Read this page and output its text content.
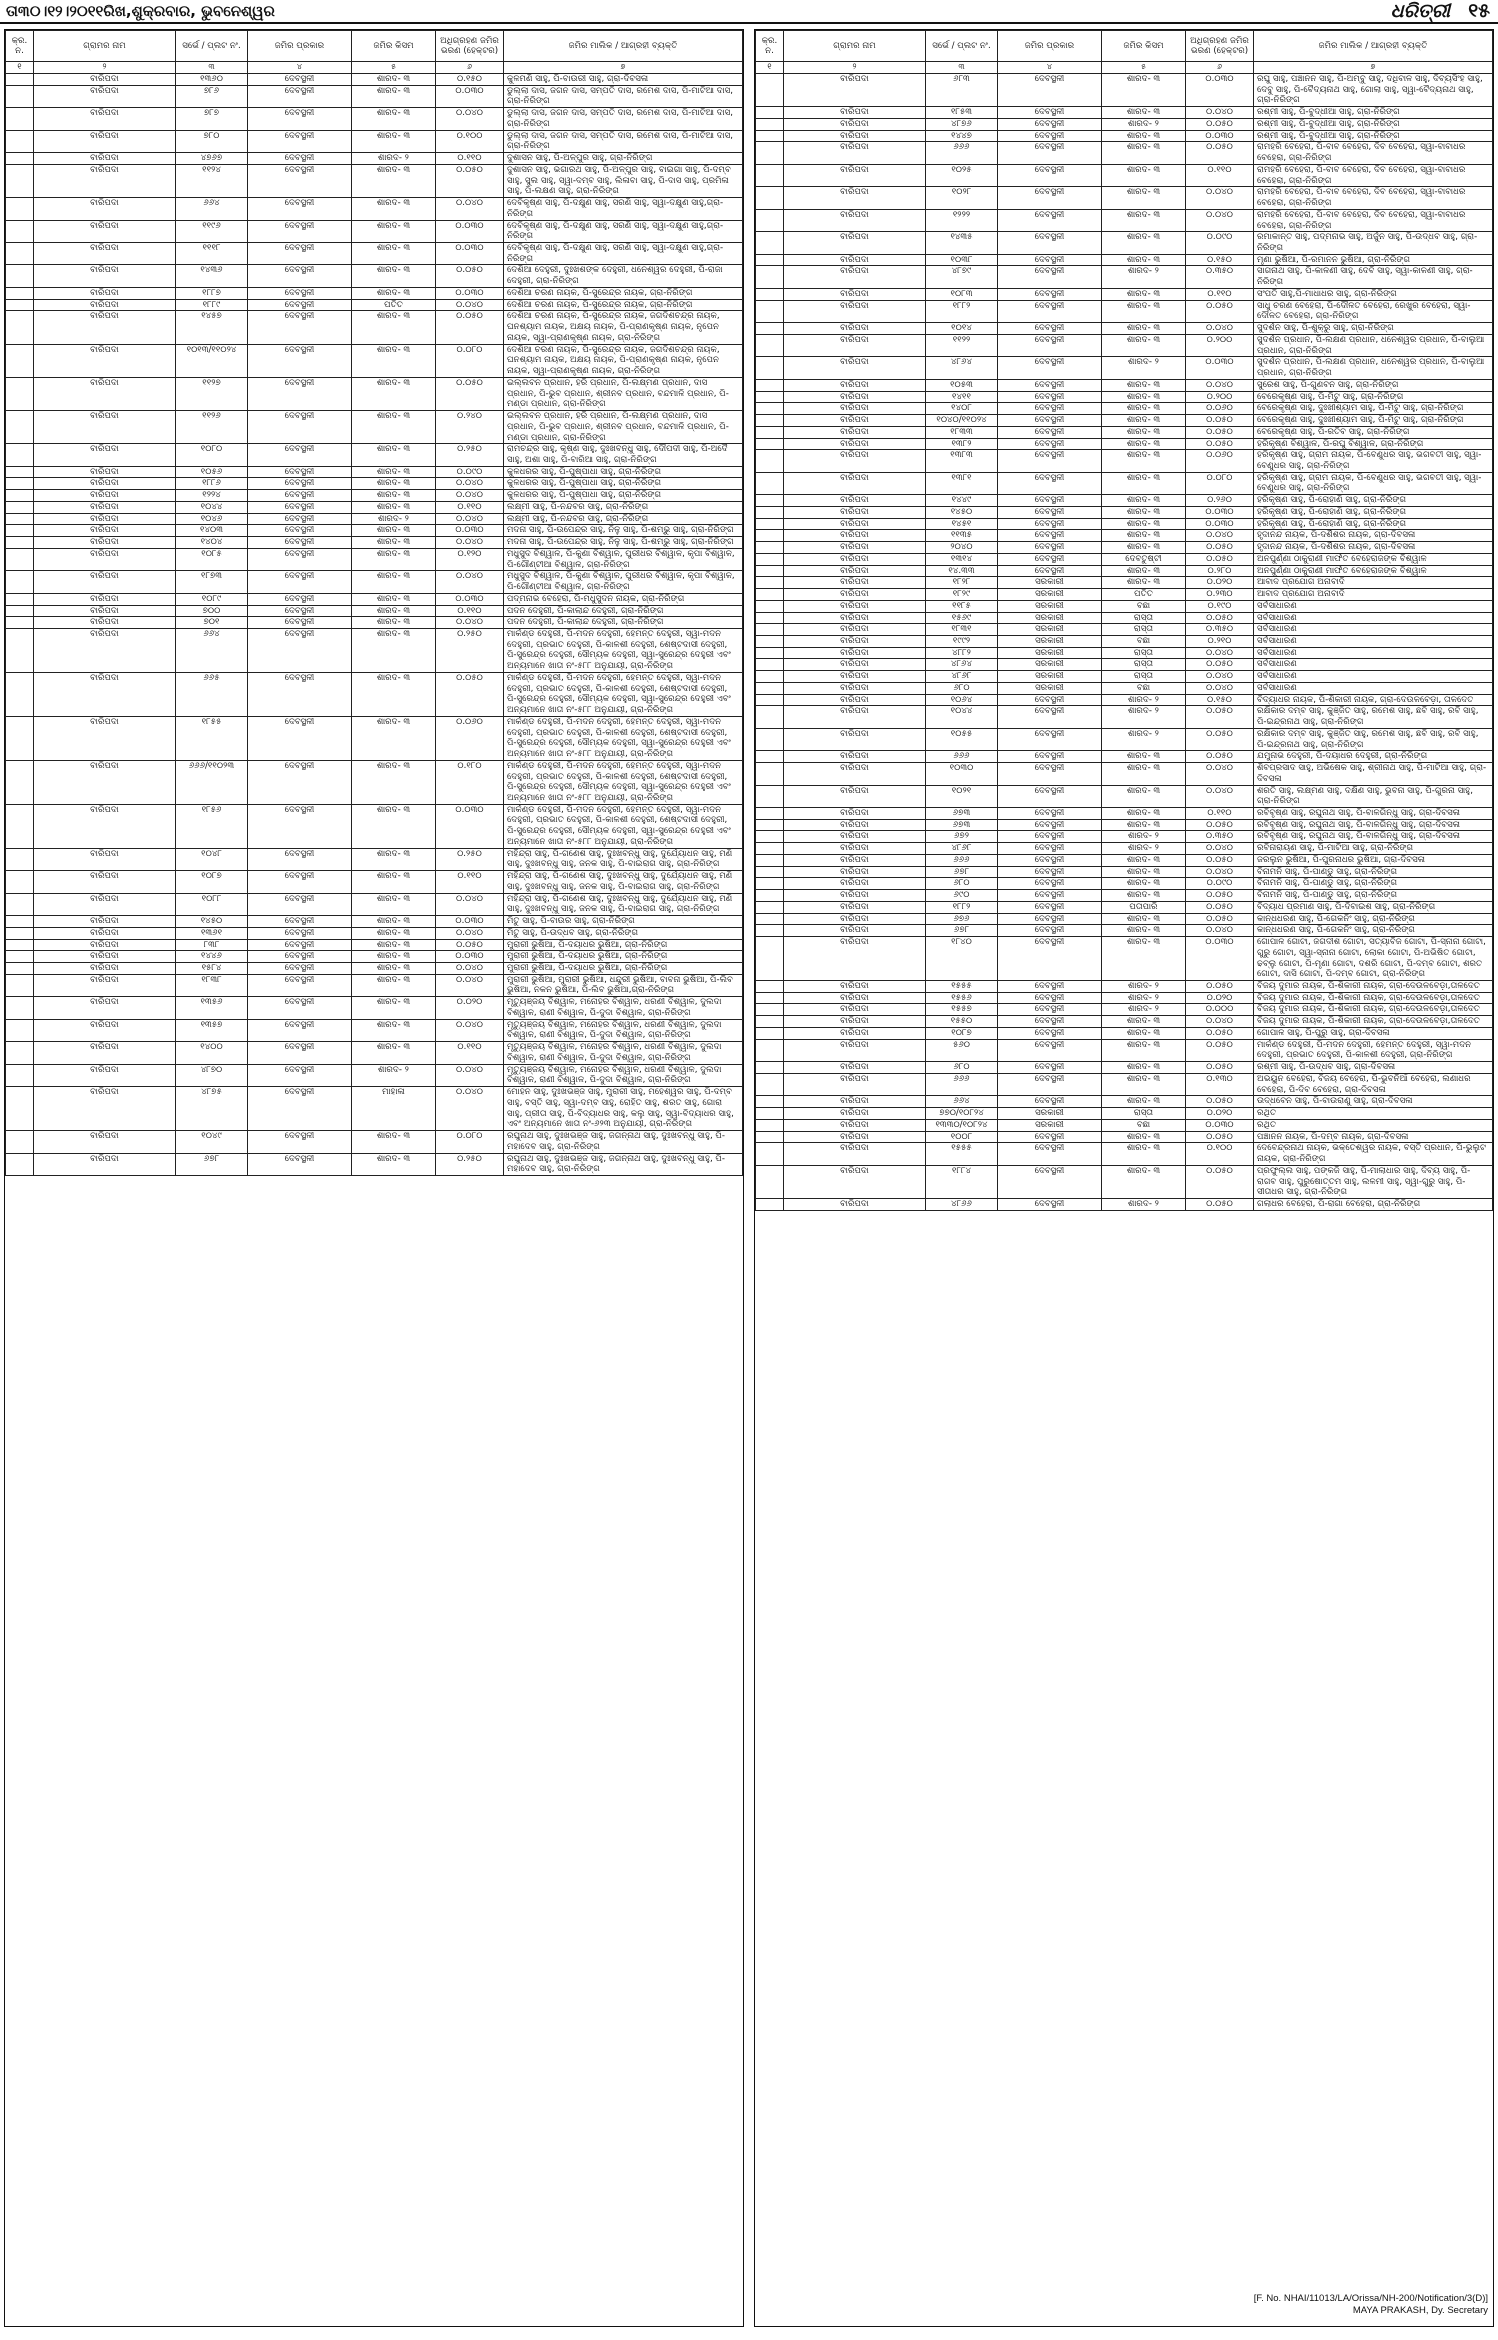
ତା୩୦।୧୨।୨୦୧୧ରିଖ,ଶୁକ୍ରବାର, ଭୁବନେଶ୍ୱର	ଧରିତ୍ରୀ ୧୫
କ୍ର. ନ.	ଗ୍ରାମର ନାମ	ସର୍ଭେ / ପ୍ଲଟ ନଂ.	ଜମିର ପ୍ରକାର	ଜମିର କିସମ	ଅଧିଗ୍ରହଣ ଜମିର ଭରଣ (ହେକ୍ଟର)	ଜମିର ମାଲିକ / ଆଗ୍ରହୀ ବ୍ୟକ୍ତି
୧	୨	୩	୪	୫	୬	୭
	ବାରିପଦା	୧୩୬୦	ଦେବସ୍ଥଳୀ	ଶାରଦ- ୩	୦.୧୫୦	କୁଳମଣି ସାହୁ, ପି-ବାଉରୀ ସାହୁ, ଗ୍ରା-ଦିବସଳା
	ବାରିପଦା	୭୮୬	ଦେବସ୍ଥଳୀ	ଶାରଦ- ୩	୦.୦୩୦	ଡୁଲ୍ଲା ଦାସ, ଜଗନ ଦାସ, ସମ୍ପତି ଦାସ, ରମେଶ ଦାସ, ପି-ମାଟିଆ ଦାସ, ଗ୍ରା-ନିରିଙ୍ଗ
	ବାରିପଦା	୭୮୭	ଦେବସ୍ଥଳୀ	ଶାରଦ- ୩	୦.୦୪୦	ଡୁଲ୍ଲା ଦାସ, ଜଗନ ଦାସ, ସମ୍ପତି ଦାସ, ରମେଶ ଦାସ, ପି-ମାଟିଆ ଦାସ, ଗ୍ରା-ନିରିଙ୍ଗ
	ବାରିପଦା	୭୮୦	ଦେବସ୍ଥଳୀ	ଶାରଦ- ୩	୦.୧୦୦	ଡୁଲ୍ଲା ଦାସ, ଜଗନ ଦାସ, ସମ୍ପତି ଦାସ, ରମେଶ ଦାସ, ପି-ମାଟିଆ ଦାସ, ଗ୍ରା-ନିରିଙ୍ଗ
	ବାରିପଦା	୪୭୬୭	ଦେବସ୍ଥଳୀ	ଶାରଦ- ୨	୦.୧୧୦	ଦୁଶାସନ ସାହୁ, ପି-ଅଳ୍ପୁର ସାହୁ, ଗ୍ରା-ନିରିଙ୍ଗ
	ବାରିପଦା	୧୧୨୪	ଦେବସ୍ଥଳୀ	ଶାରଦ- ୩	୦.୦୫୦	ଦୁଶାସନ ସାହୁ, ଭଗାରଥ ସାହୁ, ପି-ଅଳ୍ପୁର ସାହୁ, ବାଇଗା ସାହୁ, ପି-ଦମ୍ବ ସାହୁ, ସୁଲ ସାହୁ, ସ୍ୱା-ଦମ୍ବ ସାହୁ, ଲିଳାବା ସାହୁ, ପି-ଦାସ ସାହୁ, ପ୍ରମିଳା ସାହୁ, ପି-ଲକ୍ଷଣ ସାହୁ, ଗ୍ରା-ନିରିଙ୍ଗ
	ବାରିପଦା	୬୬୪	ଦେବସ୍ଥଳୀ	ଶାରଦ- ୩	୦.୦୪୦	ଦେବିକୃଷ୍ଣ ସାହୁ, ପି-ଦକ୍ଷୁଣ ସାହୁ, ସରଣି ସାହୁ, ସ୍ୱା-ଦକ୍ଷୁଣ ସାହୁ,ଗ୍ରା-ନିରିଙ୍ଗ
	ବାରିପଦା	୧୧୯୬	ଦେବସ୍ଥଳୀ	ଶାରଦ- ୩	୦.୦୩୦	ଦେବିକୃଷ୍ଣ ସାହୁ, ପି-ଦକ୍ଷୁଣ ସାହୁ, ସରଣି ସାହୁ, ସ୍ୱା-ଦକ୍ଷୁଣ ସାହୁ,ଗ୍ରା-ନିରିଙ୍ଗ
	ବାରିପଦା	୧୧୧୮	ଦେବସ୍ଥଳୀ	ଶାରଦ- ୩	୦.୦୩୦	ଦେବିକୃଷ୍ଣ ସାହୁ, ପି-ଦକ୍ଷୁଣ ସାହୁ, ସରଣି ସାହୁ, ସ୍ୱା-ଦକ୍ଷୁଣ ସାହୁ,ଗ୍ରା-ନିରିଙ୍ଗ
	ବାରିପଦା	୧୪୩୬	ଦେବସ୍ଥଳୀ	ଶାରଦ- ୩	୦.୦୫୦	ଦେଶିଆ ଦେହୁରୀ, ଦୁଃଖଶଙ୍କ ଦେହୁରୀ, ଧନେଶ୍ୱର ଦେହୁରୀ, ପି-ରାଜା ଦେହୁରୀ, ଗ୍ରା-ନିରିଙ୍ଗ
	ବାରିପଦା	୧୮୮୭	ଦେବସ୍ଥଳୀ	ଶାରଦ- ୩	୦.୦୩୦	ଦେଶିଆ ଚରଣ ନାୟକ, ପି-ସୁରେନ୍ଦ୍ର ନାୟକ, ଗ୍ରା-ନିରିଙ୍ଗ
	ବାରିପଦା	୧୮୮୯	ଦେବସ୍ଥଳୀ	ପତିତ	୦.୦୪୦	ଦେଶିଆ ଚରଣ ନାୟକ, ପି-ସୁରେନ୍ଦ୍ର ନାୟକ, ଗ୍ରା-ନିରିଙ୍ଗ
	ବାରିପଦା	୧୪୫୭	ଦେବସ୍ଥଳୀ	ଶାରଦ- ୩	୦.୦୫୦	ଦେଶିଆ ଚରଣ ନାୟକ, ପି-ସୁରେନ୍ଦ୍ର ନାୟକ, ଜଗଦିଶଚନ୍ଦ୍ର ନାୟକ, ଘନଶ୍ୟାମ ନାୟକ, ଅକ୍ଷୟ ନାୟକ, ପି-ପ୍ରାଣକୃଷ୍ଣ ନାୟକ, ନୃପେନ ନାୟକ, ସ୍ୱା-ପ୍ରାଣକୃଷ୍ଣ ନାୟକ, ଗ୍ରା-ନିରିଙ୍ଗ
	ବାରିପଦା	୧୦୧୩/୧୧୦୨୪	ଦେବସ୍ଥଳୀ	ଶାରଦ- ୩	୦.୦୮୦	ଦେଶିଆ ଚରଣ ନାୟକ, ପି-ସୁରେନ୍ଦ୍ର ନାୟକ, ଜଗଦିଶଚନ୍ଦ୍ର ନାୟକ, ଘନଶ୍ୟାମ ନାୟକ, ଅକ୍ଷୟ ନାୟକ, ପି-ପ୍ରାଣକୃଷ୍ଣ ନାୟକ, ନୃପେନ ନାୟକ, ସ୍ୱା-ପ୍ରାଣକୃଷ୍ଣ ନାୟକ, ଗ୍ରା-ନିରିଙ୍ଗ
	ବାରିପଦା	୧୧୨୭	ଦେବସ୍ଥଳୀ	ଶାରଦ- ୩	୦.୦୫୦	ଇଲ୍ଲବନ ପ୍ରଧାନ, ହରି ପ୍ରଧାନ, ପି-ଲକ୍ଷ୍ମଣ ପ୍ରଧାନ, ଦାସ ପ୍ରଧାନ, ପି-ଭୁବ ପ୍ରଧାନ, ଶ୍ରୀନବ ପ୍ରଧାନ, ବନ୍ଦମାଳି ପ୍ରଧାନ, ପି-ମଣ୍ଡା ପ୍ରଧାନ, ଗ୍ରା-ନିରିଙ୍ଗ
	ବାରିପଦା	୧୧୨୬	ଦେବସ୍ଥଳୀ	ଶାରଦ- ୩	୦.୨୪୦	ଇଲ୍ଲବନ ପ୍ରଧାନ, ହରି ପ୍ରଧାନ, ପି-ଲକ୍ଷ୍ମଣ ପ୍ରଧାନ, ଦାସ ପ୍ରଧାନ, ପି-ଭୁବ ପ୍ରଧାନ, ଶ୍ରୀନବ ପ୍ରଧାନ, ବନ୍ଦମାଳି ପ୍ରଧାନ, ପି-ମଣ୍ଡା ପ୍ରଧାନ, ଗ୍ରା-ନିରିଙ୍ଗ
	ବାରିପଦା	୧୦୮୦	ଦେବସ୍ଥଳୀ	ଶାରଦ- ୩	୦.୨୫୦	ରାମଚନ୍ଦ୍ର ସାହୁ, କୃଷ୍ଣ ସାହୁ, ଦୁଃଖବନ୍ଧୁ ସାହୁ, ଦୌପଦୀ ସାହୁ, ପି-ଅଦୈ ସାହୁ, ଅଶା ସାହୁ, ପି-ବାରିଆ ସାହୁ, ଗ୍ରା-ନିରିଙ୍ଗ
	ବାରିପଦା	୧୦୫୬	ଦେବସ୍ଥଳୀ	ଶାରଦ- ୩	୦.୦୯୦	କୁଳଧରର ସାହୁ, ପି-ପୁଷ୍ପାଧା ସାହୁ, ଗ୍ରା-ନିରିଙ୍ଗ
	ବାରିପଦା	୧୮୮୬	ଦେବସ୍ଥଳୀ	ଶାରଦ- ୩	୦.୦୪୦	କୁଳଧରର ସାହୁ, ପି-ପୁଷ୍ପାଧା ସାହୁ, ଗ୍ରା-ନିରିଙ୍ଗ
	ବାରିପଦା	୧୨୨୪	ଦେବସ୍ଥଳୀ	ଶାରଦ- ୩	୦.୦୪୦	କୁଳଧରର ସାହୁ, ପି-ପୁଷ୍ପାଧା ସାହୁ, ଗ୍ରା-ନିରିଙ୍ଗ
	ବାରିପଦା	୧୦୪୪	ଦେବସ୍ଥଳୀ	ଶାରଦ- ୩	୦.୧୧୦	ଲକ୍ଷ୍ମୀ ସାହୁ, ପି-ନନ୍ଦବର ସାହୁ, ଗ୍ରା-ନିରିଙ୍ଗ
	ବାରିପଦା	୧୦୪୬	ଦେବସ୍ଥଳୀ	ଶାରଦ- ୨	୦.୦୪୦	ଲକ୍ଷ୍ମୀ ସାହୁ, ପି-ନନ୍ଦବର ସାହୁ, ଗ୍ରା-ନିରିଙ୍ଗ
	ବାରିପଦା	୧୪୦୩	ଦେବସ୍ଥଳୀ	ଶାରଦ- ୩	୦.୦୩୦	ମଦନା ସାହୁ, ପି-ଉପେନ୍ଦ୍ର ସାହୁ, ନିଳୁ ସାହୁ, ପି-ଶମ୍ଭୁ ସାହୁ, ଗ୍ରା-ନିରିଙ୍ଗ
	ବାରିପଦା	୧୪୦୪	ଦେବସ୍ଥଳୀ	ଶାରଦ- ୩	୦.୦୪୦	ମଦନା ସାହୁ, ପି-ଉପେନ୍ଦ୍ର ସାହୁ, ନିଳୁ ସାହୁ, ପି-ଶମ୍ଭୁ ସାହୁ, ଗ୍ରା-ନିରିଙ୍ଗ
	ବାରିପଦା	୧୦୮୫	ଦେବସ୍ଥଳୀ	ଶାରଦ- ୩	୦.୧୨୦	ମଧୁସୁଦ ବିଶ୍ୱାଳ, ପି-କୁଣା ବିଶ୍ୱାଳ, ପୁରୀଧର ବିଶ୍ୱାଳ, କୃପା ବିଶ୍ୱାଳ, ପି-ଗୌଣ୍ଟୀଆ ବିଶ୍ୱାଳ, ଗ୍ରା-ନିରିଙ୍ଗ
	ବାରିପଦା	୧୮୭୩	ଦେବସ୍ଥଳୀ	ଶାରଦ- ୩	୦.୦୪୦	ମଧୁସୁଦ ବିଶ୍ୱାଳ, ପି-କୁଣା ବିଶ୍ୱାଳ, ପୁରୀଧର ବିଶ୍ୱାଳ, କୃପା ବିଶ୍ୱାଳ, ପି-ଗୌଣ୍ଟୀଆ ବିଶ୍ୱାଳ, ଗ୍ରା-ନିରିଙ୍ଗ
	ବାରିପଦା	୧୦୮୯	ଦେବସ୍ଥଳୀ	ଶାରଦ- ୩	୦.୦୩୦	ପଦ୍ମନାଭ ବେହେରା, ପି-ମଧୁସୁଦନ ନାୟକ, ଗ୍ରା-ନିରିଙ୍ଗ
	ବାରିପଦା	୭୦୦	ଦେବସ୍ଥଳୀ	ଶାରଦ- ୩	୦.୧୧୦	ପଦନ ଦେହୁରୀ, ପି-କାଲାନ୍ଦ ଦେହୁରୀ, ଗ୍ରା-ନିରିଙ୍ଗ
	ବାରିପଦା	୭୦୧	ଦେବସ୍ଥଳୀ	ଶାରଦ- ୩	୦.୦୪୦	ପଦନ ଦେହୁରୀ, ପି-କାଲାନ୍ଦ ଦେହୁରୀ, ଗ୍ରା-ନିରିଙ୍ଗ
	ବାରିପଦା	୬୬୪	ଦେବସ୍ଥଳୀ	ଶାରଦ- ୩	୦.୨୫୦	ମାର୍କଣ୍ଡ ଦେହୁରୀ, ପି-ମଦନ ଦେହୁରୀ, ହେମନ୍ତ ଦେହୁରୀ, ସ୍ୱା-ମଦନ ଦେହୁରୀ, ପ୍ରଭାତ ଦେହୁରୀ, ପି-କାଳଶୀ ଦେହୁରୀ, ଶେଷ୍ଟଦାସୀ ଦେହୁରୀ, ପି-ସୁରେନ୍ଦ୍ର ଦେହୁରୀ, ସୌମ୍ୟକ ଦେହୁରୀ, ସ୍ୱା-ସୁରେନ୍ଦ୍ର ଦେହୁରୀ ଏବଂ ଅନ୍ୟମାନେ ଖାତା ନଂ-୫୮୮ ଅନୁଯାୟୀ, ଗ୍ରା-ନିରିଙ୍ଗ
	ବାରିପଦା	୬୬୫	ଦେବସ୍ଥଳୀ	ଶାରଦ- ୩	୦.୦୫୦	ମାର୍କଣ୍ଡ ଦେହୁରୀ, ପି-ମଦନ ଦେହୁରୀ, ହେମନ୍ତ ଦେହୁରୀ, ସ୍ୱା-ମଦନ ଦେହୁରୀ, ପ୍ରଭାତ ଦେହୁରୀ, ପି-କାଳଶୀ ଦେହୁରୀ, ଶେଷ୍ଟଦାସୀ ଦେହୁରୀ, ପି-ସୁରେନ୍ଦ୍ର ଦେହୁରୀ, ସୌମ୍ୟକ ଦେହୁରୀ, ସ୍ୱା-ସୁରେନ୍ଦ୍ର ଦେହୁରୀ ଏବଂ ଅନ୍ୟମାନେ ଖାତା ନଂ-୫୮୮ ଅନୁଯାୟୀ, ଗ୍ରା-ନିରିଙ୍ଗ
	ବାରିପଦା	୧୮୫୫	ଦେବସ୍ଥଳୀ	ଶାରଦ- ୩	୦.୦୬୦	ମାର୍କଣ୍ଡ ଦେହୁରୀ, ପି-ମଦନ ଦେହୁରୀ, ହେମନ୍ତ ଦେହୁରୀ, ସ୍ୱା-ମଦନ ଦେହୁରୀ, ପ୍ରଭାତ ଦେହୁରୀ, ପି-କାଳଶୀ ଦେହୁରୀ, ଶେଷ୍ଟଦାସୀ ଦେହୁରୀ, ପି-ସୁରେନ୍ଦ୍ର ଦେହୁରୀ, ସୌମ୍ୟକ ଦେହୁରୀ, ସ୍ୱା-ସୁରେନ୍ଦ୍ର ଦେହୁରୀ ଏବଂ ଅନ୍ୟମାନେ ଖାତା ନଂ-୫୮୮ ଅନୁଯାୟୀ, ଗ୍ରା-ନିରିଙ୍ଗ
	ବାରିପଦା	୬୬୬/୧୧୦୨୩	ଦେବସ୍ଥଳୀ	ଶାରଦ- ୩	୦.୧୮୦	ମାର୍କଣ୍ଡ ଦେହୁରୀ, ପି-ମଦନ ଦେହୁରୀ, ହେମନ୍ତ ଦେହୁରୀ, ସ୍ୱା-ମଦନ ଦେହୁରୀ, ପ୍ରଭାତ ଦେହୁରୀ, ପି-କାଳଶୀ ଦେହୁରୀ, ଶେଷ୍ଟଦାସୀ ଦେହୁରୀ, ପି-ସୁରେନ୍ଦ୍ର ଦେହୁରୀ, ସୌମ୍ୟକ ଦେହୁରୀ, ସ୍ୱା-ସୁରେନ୍ଦ୍ର ଦେହୁରୀ ଏବଂ ଅନ୍ୟମାନେ ଖାତା ନଂ-୫୮୮ ଅନୁଯାୟୀ, ଗ୍ରା-ନିରିଙ୍ଗ
	ବାରିପଦା	୧୮୫୬	ଦେବସ୍ଥଳୀ	ଶାରଦ- ୩	୦.୦୩୦	ମାର୍କଣ୍ଡ ଦେହୁରୀ, ପି-ମଦନ ଦେହୁରୀ, ହେମନ୍ତ ଦେହୁରୀ, ସ୍ୱା-ମଦନ ଦେହୁରୀ, ପ୍ରଭାତ ଦେହୁରୀ, ପି-କାଳଶୀ ଦେହୁରୀ, ଶେଷ୍ଟଦାସୀ ଦେହୁରୀ, ପି-ସୁରେନ୍ଦ୍ର ଦେହୁରୀ, ସୌମ୍ୟକ ଦେହୁରୀ, ସ୍ୱା-ସୁରେନ୍ଦ୍ର ଦେହୁରୀ ଏବଂ ଅନ୍ୟମାନେ ଖାତା ନଂ-୫୮୮ ଅନୁଯାୟୀ, ଗ୍ରା-ନିରିଙ୍ଗ
	ବାରିପଦା	୧୦୪୮	ଦେବସ୍ଥଳୀ	ଶାରଦ- ୩	୦.୨୫୦	ମହିନ୍ଦ୍ରା ସାହୁ, ପି-ଗଣେଶ ସାହୁ, ଦୁଃଖବନ୍ଧୁ ସାହୁ, ଦୁର୍ଯ୍ୟୋଧନ ସାହୁ, ମଣି ସାହୁ, ଦୁଃଖବନ୍ଧୁ ସାହୁ, ଜନକ ସାହୁ, ପି-ବାଇରାଗ ସାହୁ, ଗ୍ରା-ନିରିଙ୍ଗ
	ବାରିପଦା	୧୦୮୭	ଦେବସ୍ଥଳୀ	ଶାରଦ- ୩	୦.୧୧୦	ମହିନ୍ଦ୍ରା ସାହୁ, ପି-ଗଣେଶ ସାହୁ, ଦୁଃଖବନ୍ଧୁ ସାହୁ, ଦୁର୍ଯ୍ୟୋଧନ ସାହୁ, ମଣି ସାହୁ, ଦୁଃଖବନ୍ଧୁ ସାହୁ, ଜନକ ସାହୁ, ପି-ବାଇରାଗ ସାହୁ, ଗ୍ରା-ନିରିଙ୍ଗ
	ବାରିପଦା	୧୦୮୮	ଦେବସ୍ଥଳୀ	ଶାରଦ- ୩	୦.୦୪୦	ମହିନ୍ଦ୍ରା ସାହୁ, ପି-ଗଣେଶ ସାହୁ, ଦୁଃଖବନ୍ଧୁ ସାହୁ, ଦୁର୍ଯ୍ୟୋଧନ ସାହୁ, ମଣି ସାହୁ, ଦୁଃଖବନ୍ଧୁ ସାହୁ, ଜନକ ସାହୁ, ପି-ବାଇରାଗ ସାହୁ, ଗ୍ରା-ନିରିଙ୍ଗ
	ବାରିପଦା	୧୪୫୦	ଦେବସ୍ଥଳୀ	ଶାରଦ- ୩	୦.୦୩୦	ମିତୁ ସାହୁ, ପି-ବାଉର ସାହୁ, ଗ୍ରା-ନିରିଙ୍ଗ
	ବାରିପଦା	୧୩୬୧	ଦେବସ୍ଥଳୀ	ଶାରଦ- ୩	୦.୦୪୦	ମିତୁ ସାହୁ, ପି-ଉଦ୍ଧବ ସାହୁ, ଗ୍ରା-ନିରିଙ୍ଗ
	ବାରିପଦା	୮୩୮	ଦେବସ୍ଥଳୀ	ଶାରଦ- ୩	୦.୦୫୦	ମୁରାରୀ ଭୁଷିଆ, ପି-ଦୟାଧର ଭୁଷିଆ, ଗ୍ରା-ନିରିଙ୍ଗ
	ବାରିପଦା	୧୪୪୬	ଦେବସ୍ଥଳୀ	ଶାରଦ- ୩	୦.୦୩୦	ମୁରାରୀ ଭୁଷିଆ, ପି-ଦୟାଧର ଭୁଷିଆ, ଗ୍ରା-ନିରିଙ୍ଗ
	ବାରିପଦା	୧୫୮୪	ଦେବସ୍ଥଳୀ	ଶାରଦ- ୩	୦.୦୪୦	ମୁରାରୀ ଭୁଷିଆ, ପି-ଦୟାଧର ଭୁଷିଆ, ଗ୍ରା-ନିରିଙ୍ଗ
	ବାରିପଦା	୧୮୩୮	ଦେବସ୍ଥଳୀ	ଶାରଦ- ୩	୦.୦୪୦	ମୁରାରୀ ଭୁଷିଆ, ମୁରାରୀ ଭୁଷିଆ, ଧନ୍ଦୁରୀ ଭୁଷିଆ, ବାବନା ଭୁଷିଆ, ପି-ଲିବ ଭୁଷିଆ, ନକନ ଭୁଷିଆ, ପି-ଲିବ ଭୁଷିଆ,ଗ୍ରା-ନିରିଙ୍ଗ
	ବାରିପଦା	୧୩୫୬	ଦେବସ୍ଥଳୀ	ଶାରଦ- ୩	୦.୦୨୦	ମୃତ୍ୟୁଞ୍ଜୟ ବିଶ୍ୱାଳ, ମନୋହର ବିଶ୍ୱାଳ, ଧରଣୀ ବିଶ୍ୱାଳ, ଦୁଲଦା ବିଶ୍ୱାଳ, ରାଣୀ ବିଶ୍ୱାଳ, ପି-ଦୁଦା ବିଶ୍ୱାଳ, ଗ୍ରା-ନିରିଙ୍ଗ
	ବାରିପଦା	୧୩୫୭	ଦେବସ୍ଥଳୀ	ଶାରଦ- ୩	୦.୦୪୦	ମୃତ୍ୟୁଞ୍ଜୟ ବିଶ୍ୱାଳ, ମନୋହର ବିଶ୍ୱାଳ, ଧରଣୀ ବିଶ୍ୱାଳ, ଦୁଲଦା ବିଶ୍ୱାଳ, ରାଣୀ ବିଶ୍ୱାଳ, ପି-ଦୁଦା ବିଶ୍ୱାଳ, ଗ୍ରା-ନିରିଙ୍ଗ
	ବାରିପଦା	୧୪୦୦	ଦେବସ୍ଥଳୀ	ଶାରଦ- ୩	୦.୧୧୦	ମୃତ୍ୟୁଞ୍ଜୟ ବିଶ୍ୱାଳ, ମନୋହର ବିଶ୍ୱାଳ, ଧରଣୀ ବିଶ୍ୱାଳ, ଦୁଲଦା ବିଶ୍ୱାଳ, ରାଣୀ ବିଶ୍ୱାଳ, ପି-ଦୁଦା ବିଶ୍ୱାଳ, ଗ୍ରା-ନିରିଙ୍ଗ
	ବାରିପଦା	୪୮୭୦	ଦେବସ୍ଥଳୀ	ଶାରଦ- ୨	୦.୦୪୦	ମୃତ୍ୟୁଞ୍ଜୟ ବିଶ୍ୱାଳ, ମନୋହର ବିଶ୍ୱାଳ, ଧରଣୀ ବିଶ୍ୱାଳ, ଦୁଲଦା ବିଶ୍ୱାଳ, ରାଣୀ ବିଶ୍ୱାଳ, ପି-ଦୁଦା ବିଶ୍ୱାଳ, ଗ୍ରା-ନିରିଙ୍ଗ
	ବାରିପଦା	୪୮୭୫	ଦେବସ୍ଥଳୀ	ମାହାଳା	୦.୦୪୦	ମୋହନ ସାହୁ, ଦୁଃଖଭଞ୍ଜ ସାହୁ, ମୁରାରୀ ସାହୁ, ମହେଶ୍ୱର ସାହୁ, ପି-ଦମ୍ବ ସାହୁ, ବସ୍ତି ସାହୁ, ସ୍ୱା-ଦମ୍ବ ସାହୁ, ରୋହିତ ସାହୁ, ଶରତ ସାହୁ, ଗୋରା ସାହୁ, ପ୍ରୀତା ସାହୁ, ପି-ବିଦ୍ୟାଧର ସାହୁ, କଲୁ ସାହୁ, ସ୍ୱା-ବିଦ୍ୟାଧର ସାହୁ, ଏବଂ ଅନ୍ୟମାନେ ଖାତା ନଂ-୬୨୩ ଅନୁଯାୟୀ, ଗ୍ରା-ନିରିଙ୍ଗ
	ବାରିପଦା	୧୦୪୯	ଦେବସ୍ଥଳୀ	ଶାରଦ- ୩	୦.୦୮୦	ରଘୁନାଥ ସାହୁ, ଦୁଃଖଭଞ୍ଜ ସାହୁ, ଜଗନ୍ନାଥ ସାହୁ, ଦୁଃଖବନ୍ଧୁ ସାହୁ, ପି-ମହାଦେବ ସାହୁ, ଗ୍ରା-ନିରିଙ୍ଗ
	ବାରିପଦା	୬୭୮	ଦେବସ୍ଥଳୀ	ଶାରଦ- ୩	୦.୨୫୦	ରଘୁନାଥ ସାହୁ, ଦୁଃଖଭଞ୍ଜ ସାହୁ, ଜଗନ୍ନାଥ ସାହୁ, ଦୁଃଖବନ୍ଧୁ ସାହୁ, ପି-ମହାଦେବ ସାହୁ, ଗ୍ରା-ନିରିଙ୍ଗ
କ୍ର. ନ.	ଗ୍ରାମର ନାମ	ସର୍ଭେ / ପ୍ଲଟ ନଂ.	ଜମିର ପ୍ରକାର	ଜମିର କିସମ	ଅଧିଗ୍ରହଣ ଜମିର ଭରଣ (ହେକ୍ଟର)	ଜମିର ମାଲିକ / ଆଗ୍ରହୀ ବ୍ୟକ୍ତି
୧	୨	୩	୪	୫	୬	୭
	ବାରିପଦା	୬୮୩	ଦେବସ୍ଥଳୀ	ଶାରଦ- ୩	୦.୦୩୦	ରଘୁ ସାହୁ, ପଞ୍ଚାନନ ସାହୁ, ପି-ଅମ୍ବୁ ସାହୁ, ଦଧିବାଳ ସାହୁ, ଦିବ୍ୟସିଂହ ସାହୁ, ଦେବୁ ସାହୁ, ପି-ବୈଦ୍ୟନାଥ ସାହୁ, ଗୋଲା ସାହୁ, ସ୍ୱା-ବୈଦ୍ୟନାଥ ସାହୁ, ଗ୍ରା-ନିରିଙ୍ଗ
	ବାରିପଦା	୧୮୫୩	ଦେବସ୍ଥଳୀ	ଶାରଦ- ୩	୦.୦୪୦	ରଶ୍ମୀ ସାହୁ, ପି-ବୁଦ୍ଧୀଆ ସାହୁ, ଗ୍ରା-ନିରିଙ୍ଗ
	ବାରିପଦା	୪୮୭୬	ଦେବସ୍ଥଳୀ	ଶାରଦ- ୨	୦.୦୫୦	ରଶ୍ମୀ ସାହୁ, ପି-ବୁଦ୍ଧୀଆ ସାହୁ, ଗ୍ରା-ନିରିଙ୍ଗ
	ବାରିପଦା	୧୪୪୭	ଦେବସ୍ଥଳୀ	ଶାରଦ- ୩	୦.୦୩୦	ରଶ୍ମୀ ସାହୁ, ପି-ବୁଦ୍ଧୀଆ ସାହୁ, ଗ୍ରା-ନିରିଙ୍ଗ
	ବାରିପଦା	୬୬୬	ଦେବସ୍ଥଳୀ	ଶାରଦ- ୩	୦.୦୫୦	ରାମହରି ବେହେରା, ପି-ବାବ ବେହେରା, ଦିବ ବେହେରା, ସ୍ୱା-ବାବାଧର ବେହେରା, ଗ୍ରା-ନିରିଙ୍ଗ
	ବାରିପଦା	୧୦୨୫	ଦେବସ୍ଥଳୀ	ଶାରଦ- ୩	୦.୧୧୦	ରାମହରି ବେହେରା, ପି-ବାବ ବେହେରା, ଦିବ ବେହେରା, ସ୍ୱା-ବାବାଧର ବେହେରା, ଗ୍ରା-ନିରିଙ୍ଗ
	ବାରିପଦା	୧୦୨୮	ଦେବସ୍ଥଳୀ	ଶାରଦ- ୩	୦.୦୪୦	ରାମହରି ବେହେରା, ପି-ବାବ ବେହେରା, ଦିବ ବେହେରା, ସ୍ୱା-ବାବାଧର ବେହେରା, ଗ୍ରା-ନିରିଙ୍ଗ
	ବାରିପଦା	୧୨୨୨	ଦେବସ୍ଥଳୀ	ଶାରଦ- ୩	୦.୦୪୦	ରାମହରି ବେହେରା, ପି-ବାବ ବେହେରା, ଦିବ ବେହେରା, ସ୍ୱା-ବାବାଧର ବେହେରା, ଗ୍ରା-ନିରିଙ୍ଗ
	ବାରିପଦା	୧୪୩୫	ଦେବସ୍ଥଳୀ	ଶାରଦ- ୩	୦.୦୯୦	ରମାକାନ୍ତ ସାହୁ, ପଦ୍ମନାଭ ସାହୁ, ଅର୍ଜୁନ ସାହୁ, ପି-ଉଦ୍ଧବ ସାହୁ, ଗ୍ରା-ନିରିଙ୍ଗ
	ବାରିପଦା	୧୦୩୮	ଦେବସ୍ଥଳୀ	ଶାରଦ- ୩	୦.୧୫୦	ମୃଣା ଭୁଷିଆ, ପି-ରମାନନ ଭୁଷିଆ, ଗ୍ରା-ନିରିଙ୍ଗ
	ବାରିପଦା	୪୮୭୯	ଦେବସ୍ଥଳୀ	ଶାରଦ- ୨	୦.୩୫୦	ସାଗନାଥ ସାହୁ, ପି-କାଳଣୀ ସାହୁ, ଦେବି ସାହୁ, ସ୍ୱା-କାଳଣୀ ସାହୁ, ଗ୍ରା-ନିରିଙ୍ଗ
	ବାରିପଦା	୧୦୮୩	ଦେବସ୍ଥଳୀ	ଶାରଦ- ୩	୦.୧୧୦	ସଂପତି ସାହୁ,ପି-ମାଧାଧର ସାହୁ, ଗ୍ରା-ନିରିଙ୍ଗ
	ବାରିପଦା	୧୮୮୨	ଦେବସ୍ଥଳୀ	ଶାରଦ- ୩	୦.୦୫୦	ସାଧୁ ଚରଣ ବେହେରା, ପି-ଦୌଳତ ବେହେରା, ରେଖୁର ବେହେରା, ସ୍ୱା-ଦୌଳତ ବେହେରା, ଗ୍ରା-ନିରିଙ୍ଗ
	ବାରିପଦା	୧୦୧୪	ଦେବସ୍ଥଳୀ	ଶାରଦ- ୩	୦.୦୪୦	ସୁଦର୍ଶନ ସାହୁ, ପି-ଶୁକ୍ରୁ ସାହୁ, ଗ୍ରା-ନିରିଙ୍ଗ
	ବାରିପଦା	୧୧୨୨	ଦେବସ୍ଥଳୀ	ଶାରଦ- ୩	୦.୨୦୦	ସୁଦର୍ଶନ ପ୍ରଧାନ, ପି-ଲକ୍ଷଣ ପ୍ରଧାନ, ଧନେଶ୍ୱର ପ୍ରଧାନ, ପି-ବାଲୁଆ ପ୍ରଧାନ, ଗ୍ରା-ନିରିଙ୍ଗ
	ବାରିପଦା	୪୮୬୪	ଦେବସ୍ଥଳୀ	ଶାରଦ- ୨	୦.୦୩୦	ସୁଦର୍ଶନ ପ୍ରଧାନ, ପି-ଲକ୍ଷଣ ପ୍ରଧାନ, ଧନେଶ୍ୱର ପ୍ରଧାନ, ପି-ବାଲୁଆ ପ୍ରଧାନ, ଗ୍ରା-ନିରିଙ୍ଗ
	ବାରିପଦା	୧୦୫୩	ଦେବସ୍ଥଳୀ	ଶାରଦ- ୩	୦.୦୪୦	ସୁରେଶ ସାହୁ, ପି-ଗୁଣବନ ସାହୁ, ଗ୍ରା-ନିରିଙ୍ଗ
	ବାରିପଦା	୧୪୧୧	ଦେବସ୍ଥଳୀ	ଶାରଦ- ୩	୦.୨୦୦	ବେରେକୃଷ୍ଣ ସାହୁ, ପି-ମିଟୁ ସାହୁ, ଗ୍ରା-ନିରିଙ୍ଗ
	ବାରିପଦା	୧୪୦୮	ଦେବସ୍ଥଳୀ	ଶାରଦ- ୩	୦.୦୬୦	ବେରେକୃଷ୍ଣ ସାହୁ, ଦୁଃଖୀଶ୍ୟାମ ସାହୁ, ପି-ମିଟୁ ସାହୁ, ଗ୍ରା-ନିରିଙ୍ଗ
	ବାରିପଦା	୧୦୪୦/୧୧୦୨୪	ଦେବସ୍ଥଳୀ	ଶାରଦ- ୩	୦.୦୫୦	ବେରେକୃଷ୍ଣ ସାହୁ, ଦୁଃଖୀଶ୍ୟାମ ସାହୁ, ପି-ମିଟୁ ସାହୁ, ଗ୍ରା-ନିରିଙ୍ଗ
	ବାରିପଦା	୧୮୩୩	ଦେବସ୍ଥଳୀ	ଶାରଦ- ୩	୦.୦୫୦	ବେରେକୃଷ୍ଣ ସାହୁ, ପି-ରତିବ ସାହୁ, ଗ୍ରା-ନିରିଙ୍ଗ
	ବାରିପଦା	୧୩୮୨	ଦେବସ୍ଥଳୀ	ଶାରଦ- ୩	୦.୦୫୦	ହରିକୃଷ୍ଣ ବିଶ୍ୱାଳ, ପି-ରଘୁ ବିଶ୍ୱାଳ, ଗ୍ରା-ନିରିଙ୍ଗ
	ବାରିପଦା	୧୩୮୩	ଦେବସ୍ଥଳୀ	ଶାରଦ- ୩	୦.୦୬୦	ହରିକୃଷ୍ଣ ସାହୁ, ଗ୍ରାମ ନାୟକ, ପି-ବେଣୁଧର ସାହୁ, ଭଗବତୀ ସାହୁ, ସ୍ୱା-ବେଣୁଧର ସାହୁ, ଗ୍ରା-ନିରିଙ୍ଗ
	ବାରିପଦା	୧୩୮୧	ଦେବସ୍ଥଳୀ	ଶାରଦ- ୩	୦.୦୮୦	ହରିକୃଷ୍ଣ ସାହୁ, ଗ୍ରାମ ନାୟକ, ପି-ବେଣୁଧର ସାହୁ, ଭଗବତୀ ସାହୁ, ସ୍ୱା-ବେଣୁଧର ସାହୁ, ଗ୍ରା-ନିରିଙ୍ଗ
	ବାରିପଦା	୧୪୪୯	ଦେବସ୍ଥଳୀ	ଶାରଦ- ୩	୦.୨୬୦	ହରିକୃଷ୍ଣ ସାହୁ, ପି-ରୋହାଣି ସାହୁ, ଗ୍ରା-ନିରିଙ୍ଗ
	ବାରିପଦା	୧୪୫୦	ଦେବସ୍ଥଳୀ	ଶାରଦ- ୩	୦.୦୩୦	ହରିକୃଷ୍ଣ ସାହୁ, ପି-ରୋହାଣି ସାହୁ, ଗ୍ରା-ନିରିଙ୍ଗ
	ବାରିପଦା	୧୪୫୧	ଦେବସ୍ଥଳୀ	ଶାରଦ- ୩	୦.୦୩୦	ହରିକୃଷ୍ଣ ସାହୁ, ପି-ରୋହାଣି ସାହୁ, ଗ୍ରା-ନିରିଙ୍ଗ
	ବାରିପଦା	୧୧୩୫	ଦେବସ୍ଥଳୀ	ଶାରଦ- ୩	୦.୦୪୦	ହୃଦାନନ୍ଦ ନାୟକ, ପି-ଦର୍ଶିଶର ନାୟକ, ଗ୍ରା-ଦିବସଳା
	ବାରିପଦା	୨୦୪୦	ଦେବସ୍ଥଳୀ	ଶାରଦ- ୩	୦.୦୫୦	ହୃଦାନନ୍ଦ ନାୟକ, ପି-ଦର୍ଶିଶର ନାୟକ, ଗ୍ରା-ଦିବସଳା
	ବାରିପଦା	୧୩୧୪	ଦେବସ୍ଥଳୀ	ଦେବତୁଷ୍ଟୀ	୦.୦୫୦	ଅନପୁର୍ଣ୍ଣା ଠାକୁରାଣୀ ମାର୍ଫତ ବେହେରାଜଙ୍କ ବିଶ୍ୱାଳ
	ବାରିପଦା	୧୪.୩୩	ଦେବସ୍ଥଳୀ	ଶାରଦ- ୩	୦.୨୮୦	ଅନପୁର୍ଣ୍ଣା ଠାକୁରାଣୀ ମାର୍ଫତ ବେହେରାଜଙ୍କ ବିଶ୍ୱାଳ
	ବାରିପଦା	୧୮୨୮	ସରକାରୀ	ଶାରଦ- ୩	୦.୦୨୦	ଆବାଦ ପ୍ରଯୋଗ ଅନାବାଦି
	ବାରିପଦା	୧୮୨୯	ସରକାରୀ	ପତିତ	୦.୨୩୦	ଆବାଦ ପ୍ରଯୋଗ ଅନାବାଦି
	ବାରିପଦା	୧୧୮୫	ସରକାରୀ	ବଛା	୦.୧୯୦	ସର୍ବସାଧାରଣ
	ବାରିପଦା	୧୫୬୯	ସରକାରୀ	ରାସ୍ତା	୦.୦୫୦	ସର୍ବସାଧାରଣ
	ବାରିପଦା	୧୮୩୧	ସରକାରୀ	ରାସ୍ତା	୦.୩୫୦	ସର୍ବସାଧାରଣ
	ବାରିପଦା	୧୯୯୨	ସରକାରୀ	ବଛା	୦.୨୧୦	ସର୍ବସାଧାରଣ
	ବାରିପଦା	୪୮୮୨	ସରକାରୀ	ରାସ୍ତା	୦.୦୪୦	ସର୍ବସାଧାରଣ
	ବାରିପଦା	୪୮୬୪	ସରକାରୀ	ରାସ୍ତା	୦.୦୫୦	ସର୍ବସାଧାରଣ
	ବାରିପଦା	୪୮୬୮	ସରକାରୀ	ରାସ୍ତା	୦.୦୪୦	ସର୍ବସାଧାରଣ
	ବାରିପଦା	୬୮୦	ସରକାରୀ	ବଛା	୦.୦୪୦	ସର୍ବସାଧାରଣ
	ବାରିପଦା	୧୦୬୪	ଦେବସ୍ଥଳୀ	ଶାରଦ- ୨	୦.୧୫୦	ବିଦ୍ୟାଧର ନାୟକ, ପି-ଶିକାରୀ ନାୟକ, ଗ୍ରା-ଦେଉଳବେଡ଼ା, ତାଳଦେତ
	ବାରିପଦା	୧୦୪୪	ଦେବସ୍ଥଳୀ	ଶାରଦ- ୨	୦.୦୫୦	ରକ୍ଷିକାର ଦମ୍ବ ସାହୁ, କୁଞ୍ଜିତ ସାହୁ, ରମେଶ ସାହୁ, ଛବି ସାହୁ, ରବି ସାହୁ, ପି-ଇନ୍ଦ୍ରନାଥ ସାହୁ, ଗ୍ରା-ନିରିଙ୍ଗ
	ବାରିପଦା	୧୦୫୫	ଦେବସ୍ଥଳୀ	ଶାରଦ- ୨	୦.୦୫୦	ରକ୍ଷିକାର ଦମ୍ବ ସାହୁ, କୁଞ୍ଜିତ ସାହୁ, ରମେଶ ସାହୁ, ଛବି ସାହୁ, ରବି ସାହୁ, ପି-ଇନ୍ଦ୍ରନାଥ ସାହୁ, ଗ୍ରା-ନିରିଙ୍ଗ
	ବାରିପଦା	୬୬୬	ଦେବସ୍ଥଳୀ	ଶାରଦ- ୩	୦.୦୫୦	ଯମୁନାଭ ଦେହୁରୀ, ପି-ଦୟାଧର ଦେହୁରୀ, ଗ୍ରା-ନିରିଙ୍ଗ
	ବାରିପଦା	୧୦୩୦	ଦେବସ୍ଥଳୀ	ଶାରଦ- ୩	୦.୦୪୦	ଶିବପ୍ରସାଦ ସାହୁ, ଅଭିଷେକ ସାହୁ, ଶ୍ରୀନାଥ ସାହୁ, ପି-ମାଟିଆ ସାହୁ, ଗ୍ରା-ଦିବସଳା
	ବାରିପଦା	୧୦୨୧	ଦେବସ୍ଥଳୀ	ଶାରଦ- ୩	୦.୦୪୦	ଶରତି ସାହୁ, ଲକ୍ଷ୍ମଣ ସାହୁ, ଦକ୍ଷିଣ ସାହୁ, ଭୁବନା ସାହୁ, ପି-ଗୁରନା ସାହୁ, ଗ୍ରା-ନିରିଙ୍ଗ
	ବାରିପଦା	୬୭୩	ଦେବସ୍ଥଳୀ	ଶାରଦ- ୩	୦.୧୧୦	ରବିବୃଷ୍ଣ ସାହୁ, ରଘୁନାଥ ସାହୁ, ପି-ବାଳଗିନ୍ଧୁ ସାହୁ, ଗ୍ରା-ଦିବସଳା
	ବାରିପଦା	୬୭୩	ଦେବସ୍ଥଳୀ	ଶାରଦ- ୩	୦.୦୫୦	ରବିବୃଷ୍ଣ ସାହୁ, ରଘୁନାଥ ସାହୁ, ପି-ବାଳଗିନ୍ଧୁ ସାହୁ, ଗ୍ରା-ଦିବସଳା
	ବାରିପଦା	୬୭୨	ଦେବସ୍ଥଳୀ	ଶାରଦ- ୨	୦.୩୫୦	ରବିବୃଷ୍ଣ ସାହୁ, ରଘୁନାଥ ସାହୁ, ପି-ବାଳଗିନ୍ଧୁ ସାହୁ, ଗ୍ରା-ଦିବସଳା
	ବାରିପଦା	୪୮୬୮	ଦେବସ୍ଥଳୀ	ଶାରଦ- ୨	୦.୦୪୦	ରବିନାରାୟଣ ସାହୁ, ପି-ମାଟିଆ ସାହୁ, ଗ୍ରା-ନିରିଙ୍ଗ
	ବାରିପଦା	୬୬୬	ଦେବସ୍ଥଳୀ	ଶାରଦ- ୩	୦.୦୫୦	ଜରଲୁନ ଭୁଷିଆ, ପି-ପୁରନାଧର ଭୁଷିଆ, ଗ୍ରା-ଦିବସଳା
	ବାରିପଦା	୬୭୮	ଦେବସ୍ଥଳୀ	ଶାରଦ- ୩	୦.୦୪୦	ବିନାମନି ସାହୁ, ପି-ପାଣ୍ଡୁ ସାହୁ, ଗ୍ରା-ନିରିଙ୍ଗ
	ବାରିପଦା	୬୮୦	ଦେବସ୍ଥଳୀ	ଶାରଦ- ୩	୦.୦୯୦	ବିନାମନି ସାହୁ, ପି-ପାଣ୍ଡୁ ସାହୁ, ଗ୍ରା-ନିରିଙ୍ଗ
	ବାରିପଦା	୬୯୦	ଦେବସ୍ଥଳୀ	ଶାରଦ- ୩	୦.୦୫୦	ବିନାମନି ସାହୁ, ପି-ପାଣ୍ଡୁ ସାହୁ, ଗ୍ରା-ନିରିଙ୍ଗ
	ବାରିପଦା	୧୮୮୨	ଦେବସ୍ଥଳୀ	ପତାପାରି	୦.୦୫୦	ବିଦ୍ୟାଧ ପ୍ରମାଣ ସାହୁ, ପି-ଦିବାଇଶ ସାହୁ, ଗ୍ରା-ନିରିଙ୍ଗ
	ବାରିପଦା	୬୭୬	ଦେବସ୍ଥଳୀ	ଶାରଦ- ୩	୦.୦୫୦	କାନ୍ଧଧରଣ ସାହୁ, ପି-ଗେକନିଂ ସାହୁ, ଗ୍ରା-ନିରିଙ୍ଗ
	ବାରିପଦା	୬୭୮	ଦେବସ୍ଥଳୀ	ଶାରଦ- ୩	୦.୦୪୦	କାନ୍ଧଧରଣ ସାହୁ, ପି-ଗେକନିଂ ସାହୁ, ଗ୍ରା-ନିରିଙ୍ଗ
	ବାରିପଦା	୧୮୪୦	ଦେବସ୍ଥଳୀ	ଶାରଦ- ୩	୦.୦୩୦	ଗୋପାଳ ଗୋଟା, ଜଗଦୀଶ ଗୋଟା, ସତ୍ୟାବିଜ ଗୋଟା, ପି-ସ୍ନାନା ଗୋଟା, ଗୁରୁ ଗୋଟା, ସ୍ୱା-ସ୍ନାନା ଗୋଟା, ଲୋକା ଗୋଟା, ପି-ଅଭିଷିତ ଗୋଟା, ଢବ୍ଲୁ ଗୋଟା, ପି-ମୃଣା ଗୋଟା, ଦଶରି ଗୋଟା, ପି-ଦମ୍ବ ଗୋଟା, ଶରତ ଗୋଟା, ଦାସି ଗୋଟା, ପି-ଦମ୍ବ ଗୋଟା, ଗ୍ରା-ନିରିଙ୍ଗ
	ବାରିପଦା	୧୫୫୫	ଦେବସ୍ଥଳୀ	ଶାରଦ- ୨	୦.୦୫୦	ବିଜୟ ଦୁମାର ନାୟକ, ପି-ଶିକାରୀ ନାୟକ, ଗ୍ରା-ଦେଉଳବେଡ଼ା,ତାଳଦେତ
	ବାରିପଦା	୧୫୫୬	ଦେବସ୍ଥଳୀ	ଶାରଦ- ୨	୦.୦୨୦	ବିଜୟ ଦୁମାର ନାୟକ, ପି-ଶିକାରୀ ନାୟକ, ଗ୍ରା-ଦେଉଳବେଡ଼ା,ତାଳଦେତ
	ବାରିପଦା	୧୫୫୭	ଦେବସ୍ଥଳୀ	ଶାରଦ- ୨	୦.୦୦୦	ବିଜୟ ଦୁମାର ନାୟକ, ପି-ଶିକାରୀ ନାୟକ, ଗ୍ରା-ଦେଉଳବେଡ଼ା,ତାଳଦେତ
	ବାରିପଦା	୧୫୫୦	ଦେବସ୍ଥଳୀ	ଶାରଦ- ୩	୦.୦୪୦	ବିଜୟ ଦୁମାର ନାୟକ, ପି-ଶିକାରୀ ନାୟକ, ଗ୍ରା-ଦେଉଳବେଡ଼ା,ତାଳଦେତ
	ବାରିପଦା	୧୦୮୭	ଦେବସ୍ଥଳୀ	ଶାରଦ- ୩	୦.୦୫୦	ଗୋପାଳ ସାହୁ, ପି-ପୁରୁ ସାହୁ, ଗ୍ରା-ଦିବସଳା
	ବାରିପଦା	୫୬୦	ଦେବସ୍ଥଳୀ	ଶାରଦ- ୩	୦.୦୫୦	ମାର୍କଣ୍ଡ ଦେହୁରୀ, ପି-ମଦନ ଦେହୁରୀ, ହେମନ୍ତ ଦେହୁରୀ, ସ୍ୱା-ମଦନ ଦେହୁରୀ, ପ୍ରଭାତ ଦେହୁରୀ, ପି-କାଳଶୀ ଦେହୁରୀ, ଗ୍ରା-ନିରିଙ୍ଗ
	ବାରିପଦା	୬୮୦	ଦେବସ୍ଥଳୀ	ଶାରଦ- ୩	୦.୦୫୦	ରଶ୍ମୀ ସାହୁ, ପି-ଉଦ୍ଧବ ସାହୁ, ଗ୍ରା-ଦିବସଳା
	ବାରିପଦା	୬୬୬	ଦେବସ୍ଥଳୀ	ଶାରଦ- ୩	୦.୧୩୦	ଅଭୟୁନ ବେହେରା, ବିଜୟ ବେହେରା, ପି-ଭୁବନିଆଁ ବେହେରା, ଲଣାଧର ବେହେରା, ପି-ଦିବ ବେହେରା, ଗ୍ରା-ଦିବସଳା
	ବାରିପଦା	୬୬୪	ଦେବସ୍ଥଳୀ	ଶାରଦ- ୩	୦.୦୫୦	ଉଦ୍ଧବେନ ସାହୁ, ପି-ବାଉରାଣୁ ସାହୁ, ଗ୍ରା-ଦିବସଳା
	ବାରିପଦା	୭୭୦/୧୦୮୨୪	ସରକାରୀ	ରାସ୍ତା	୦.୦୨୦	ରଥିତ
	ବାରିପଦା	୧୩୩୦/୧୦୮୨୪	ସରକାରୀ	ବଛା	୦.୦୩୦	ରଥିତ
	ବାରିପଦା	୧୦୦୮	ଦେବସ୍ଥଳୀ	ଶାରଦ- ୩	୦.୦୫୦	ପଞ୍ଚାନନ ନାୟକ, ପି-ଦମ୍ବ ନାୟକ, ଗ୍ରା-ଦିବସଳା
	ବାରିପଦା	୧୫୫୫	ଦେବସ୍ଥଳୀ	ଶାରଦ- ୩	୦.୧୦୦	ଦେବେନ୍ଦ୍ରନାଥ ନାୟକ, ଭକ୍ତେଶ୍ୱର ନାୟକ, ବସ୍ତି ପ୍ରଧାନ, ପି-ଭୁଲୁଟ ନାୟକ, ଗ୍ରା-ନିରିଙ୍ଗ
	ବାରିପଦା	୧୮୮୪	ଦେବସ୍ଥଳୀ	ଶାରଦ- ୩	୦.୦୫୦	ପ୍ରଫୁଲ୍ଲ ସାହୁ, ପଙ୍କଜି ସାହୁ, ପି-ମାଲାଧାର ସାହୁ, ଦିବ୍ୟ ସାହୁ, ପି-ରାଗବ ସାହୁ, ପୁରୁଷୋତ୍ତମ ସାହୁ, ଲଳମୀ ସାହୁ, ସ୍ୱା-ଗୁରୁ ସାହୁ, ପି-ସୀତାଧର ସାହୁ, ଗ୍ରା-ନିରିଙ୍ଗ
	ବାରିପଦା	୪୮୬୬	ଦେବସ୍ଥଳୀ	ଶାରଦ- ୨	୦.୦୫୦	ଗଲାଧର ବେହେରା, ପି-ରାଗା ବେହେରା, ଗ୍ରା-ନିରିଙ୍ଗ
[F. No. NHAI/11013/LA/Orissa/NH-200/Notification/3(D)]
MAYA PRAKASH, Dy. Secretary
